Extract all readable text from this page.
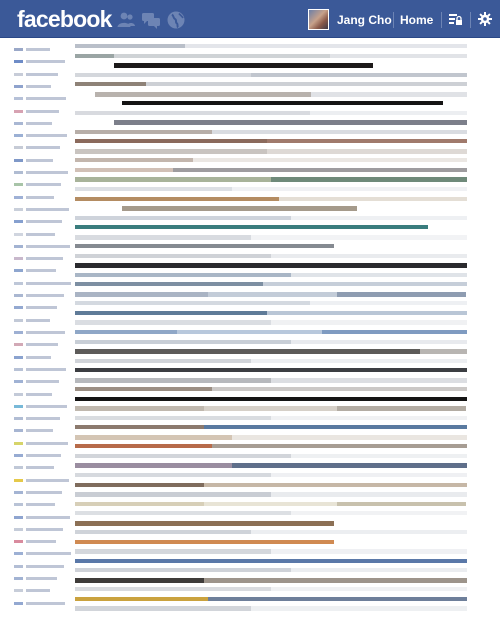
facebook	Jang Cho Home
